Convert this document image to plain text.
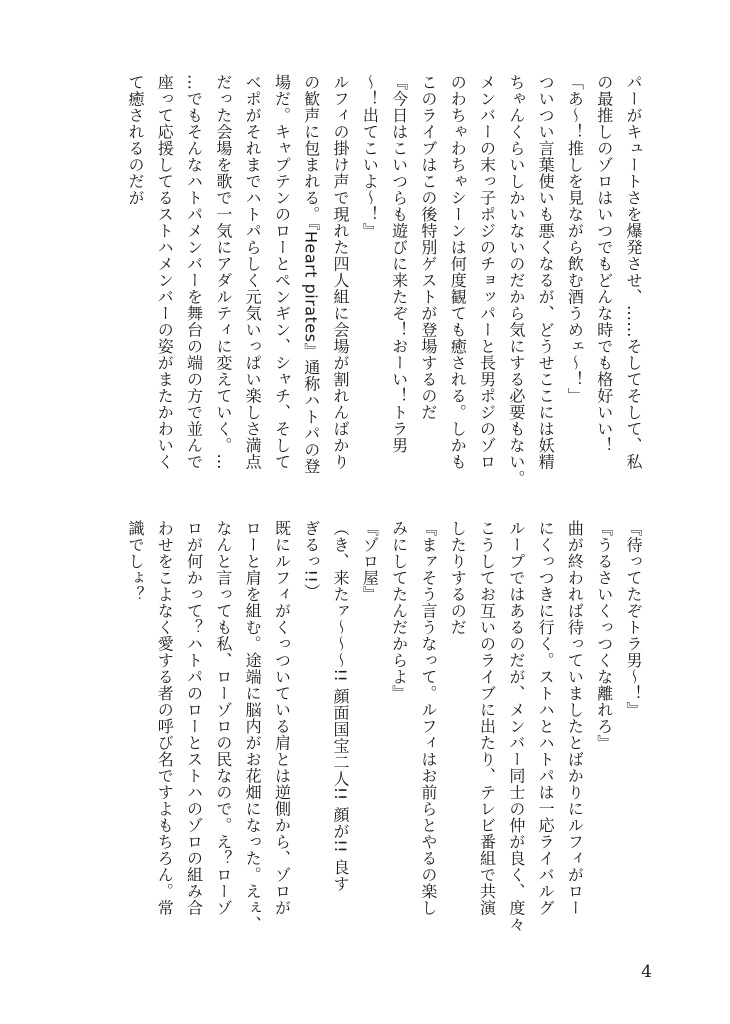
パーがキュートさを爆発させ、……そしてそして、私
の最推しのゾロはいつでもどんな時でも格好いい！
「あ〜！推しを見ながら飲む酒うめェ〜！」
ついつい言葉使いも悪くなるが、どうせここには妖精
ちゃんくらいしかいないのだから気にする必要もない。
メンバーの末っ子ポジのチョッパーと長男ポジのゾロ
のわちゃわちゃシーンは何度観ても癒される。しかも
このライブはこの後特別ゲストが登場するのだ
『今日はこいつらも遊びに来たぞ！おーい！トラ男
〜！出てこいよ〜！』
ルフィの掛け声で現れた四人組に会場が割れんばかり
の歓声に包まれる。『Heart pirates』通称ハトパの登
場だ。キャプテンのローとペンギン、シャチ、そして
ベポがそれまでハトパらしく元気いっぱい楽しさ満点
だった会場を歌で一気にアダルティに変えていく。…
…でもそんなハトパメンバーを舞台の端の方で並んで
座って応援してるストハメンバーの姿がまたかわいく
て癒されるのだが
『待ってたぞトラ男〜！』
『うるさいくっつくな離れろ』
曲が終われば待っていましたとばかりにルフィがロー
にくっつきに行く。ストハとハトパは一応ライバルグ
ループではあるのだが、メンバー同士の仲が良く、度々
こうしてお互いのライブに出たり、テレビ番組で共演
したりするのだ
『まァそう言うなって。ルフィはお前らとやるの楽し
みにしてたんだからよ』
『ゾロ屋』
（き、来たァ〜〜〜!! 顔面国宝二人!! 顔が!! 良す
ぎるっ!!）
既にルフィがくっついている肩とは逆側から、ゾロが
ローと肩を組む。途端に脳内がお花畑になった。えぇ、
なんと言っても私、ローゾロの民なので。え？ローゾ
ロが何かって？ハトパのローとストハのゾロの組み合
わせをこよなく愛する者の呼び名ですよもちろん。常
識でしょ？
4
